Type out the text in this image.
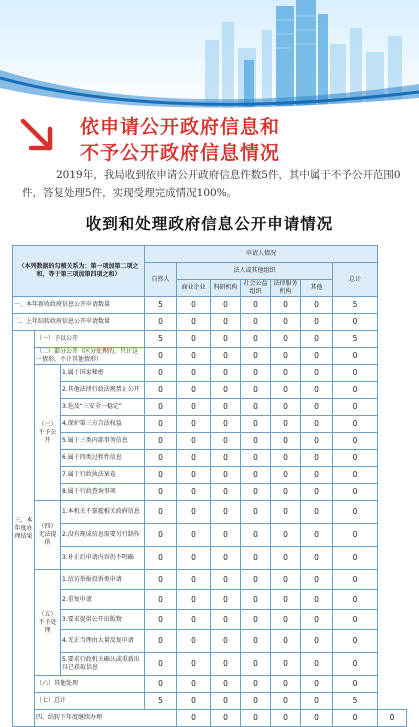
依申请公开政府信息和
不予公开政府信息情况
2019年，我局收到依申请公开政府信息件数5件，其中属于不予公开范围0件，答复处理5件，实现受理完成情况100%。
收到和处理政府信息公开申请情况
（本列数据的勾稽关系为：第一项加第二项之和，等于第三项加第四项之和）			申请人情况							
			自然人	法人或其他组织					总计	
				商业企业	科研机构	社会公益组织	法律服务机构	其他		
一、本年新收政府信息公开申请数量			5	0	0	0	0	0	5	
二、上年结转政府信息公开申请数量			0	0	0	0	0	0	0	
三、本年度办理结果	（一）予以公开		5	0	0	0	0	0	5	
	（二）部分公开（区分处理的，只计这一情形，不计其他情形）		0	0	0	0	0	0	0	
	（三）不予公开	1.属于国家秘密	0	0	0	0	0	0	0	
		2.其他法律行政法规禁止公开	0	0	0	0	0	0	0	
		3.危及“三安全一稳定”	0	0	0	0	0	0	0	
		4.保护第三方合法权益	0	0	0	0	0	0	0	
		5.属于三类内部事务信息	0	0	0	0	0	0	0	
		6.属于四类过程性信息	0	0	0	0	0	0	0	
		7.属于行政执法案卷	0	0	0	0	0	0	0	
		8.属于行政查询事项	0	0	0	0	0	0	0	
	（四）无法提供	1.本机关不掌握相关政府信息	0	0	0	0	0	0	0	
		2.没有现成信息需要另行制作	0	0	0	0	0	0	0	
		3.补正后申请内容仍不明确	0	0	0	0	0	0	0	
	（五）不予处理	1.信访举报投诉类申请	0	0	0	0	0	0	0	
		2.重复申请	0	0	0	0	0	0	0	
		3.要求提供公开出版物	0	0	0	0	0	0	0	
		4.无正当理由大量反复申请	0	0	0	0	0	0	0	
		5.要求行政机关确认或重新出具已获取信息	0	0	0	0	0	0	0	
	（六）其他处理		0	0	0	0	0	0	0	
	（七）总计		5	0	0	0	0	0	5	
	四、结转下年度继续办理			0	0	0	0	0	0	0
